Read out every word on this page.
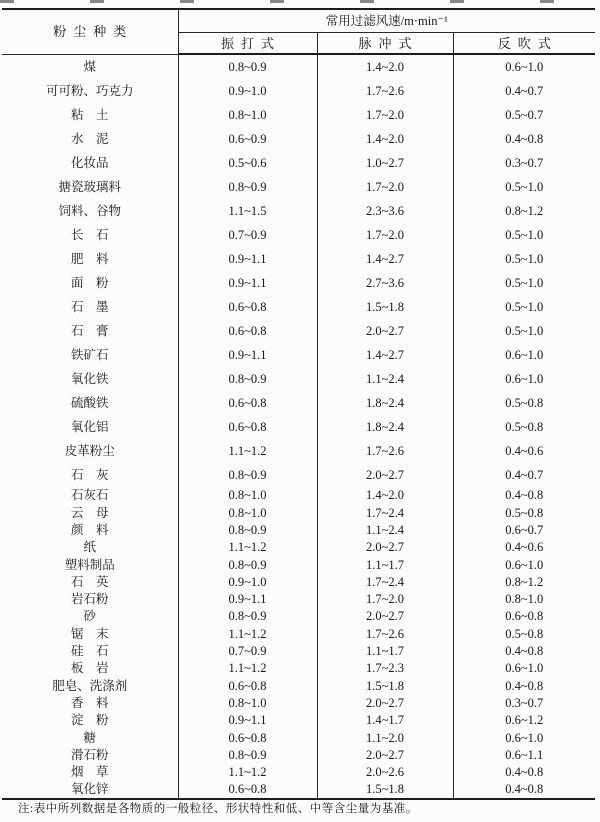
粉尘种类	常用过滤风速/m·min⁻¹		
	振打式	脉冲式	反吹式
煤	0.8~0.9	1.4~2.0	0.6~1.0
可可粉、巧克力	0.9~1.0	1.7~2.6	0.4~0.7
粘　土	0.8~1.0	1.7~2.0	0.5~0.7
水　泥	0.6~0.9	1.4~2.0	0.4~0.8
化妆品	0.5~0.6	1.0~2.7	0.3~0.7
搪瓷玻璃料	0.8~0.9	1.7~2.0	0.5~1.0
饲料、谷物	1.1~1.5	2.3~3.6	0.8~1.2
长　石	0.7~0.9	1.7~2.0	0.5~1.0
肥　料	0.9~1.1	1.4~2.7	0.5~1.0
面　粉	0.9~1.1	2.7~3.6	0.5~1.0
石　墨	0.6~0.8	1.5~1.8	0.5~1.0
石　膏	0.6~0.8	2.0~2.7	0.5~1.0
铁矿石	0.9~1.1	1.4~2.7	0.6~1.0
氧化铁	0.8~0.9	1.1~2.4	0.6~1.0
硫酸铁	0.6~0.8	1.8~2.4	0.5~0.8
氧化铝	0.6~0.8	1.8~2.4	0.5~0.8
皮革粉尘	1.1~1.2	1.7~2.6	0.4~0.6
石　灰	0.8~0.9	2.0~2.7	0.4~0.7
石灰石	0.8~1.0	1.4~2.0	0.4~0.8
云　母	0.8~1.0	1.7~2.4	0.5~0.8
颜　料	0.8~0.9	1.1~2.4	0.6~0.7
纸	1.1~1.2	2.0~2.7	0.4~0.6
塑料制品	0.8~0.9	1.1~1.7	0.6~1.0
石　英	0.9~1.0	1.7~2.4	0.8~1.2
岩石粉	0.9~1.1	1.7~2.0	0.8~1.0
砂	0.8~0.9	2.0~2.7	0.6~0.8
锯　末	1.1~1.2	1.7~2.6	0.5~0.8
硅　石	0.7~0.9	1.1~1.7	0.4~0.8
板　岩	1.1~1.2	1.7~2.3	0.6~1.0
肥皂、洗涤剂	0.6~0.8	1.5~1.8	0.4~0.8
香　料	0.8~1.0	2.0~2.7	0.3~0.7
淀　粉	0.9~1.1	1.4~1.7	0.6~1.2
糖	0.6~0.8	1.1~2.0	0.6~1.0
滑石粉	0.8~0.9	2.0~2.7	0.6~1.1
烟　草	1.1~1.2	2.0~2.6	0.4~0.8
氧化锌	0.6~0.8	1.5~1.8	0.4~0.8
注:表中所列数据是各物质的一般粒径、形状特性和低、中等含尘量为基准。
